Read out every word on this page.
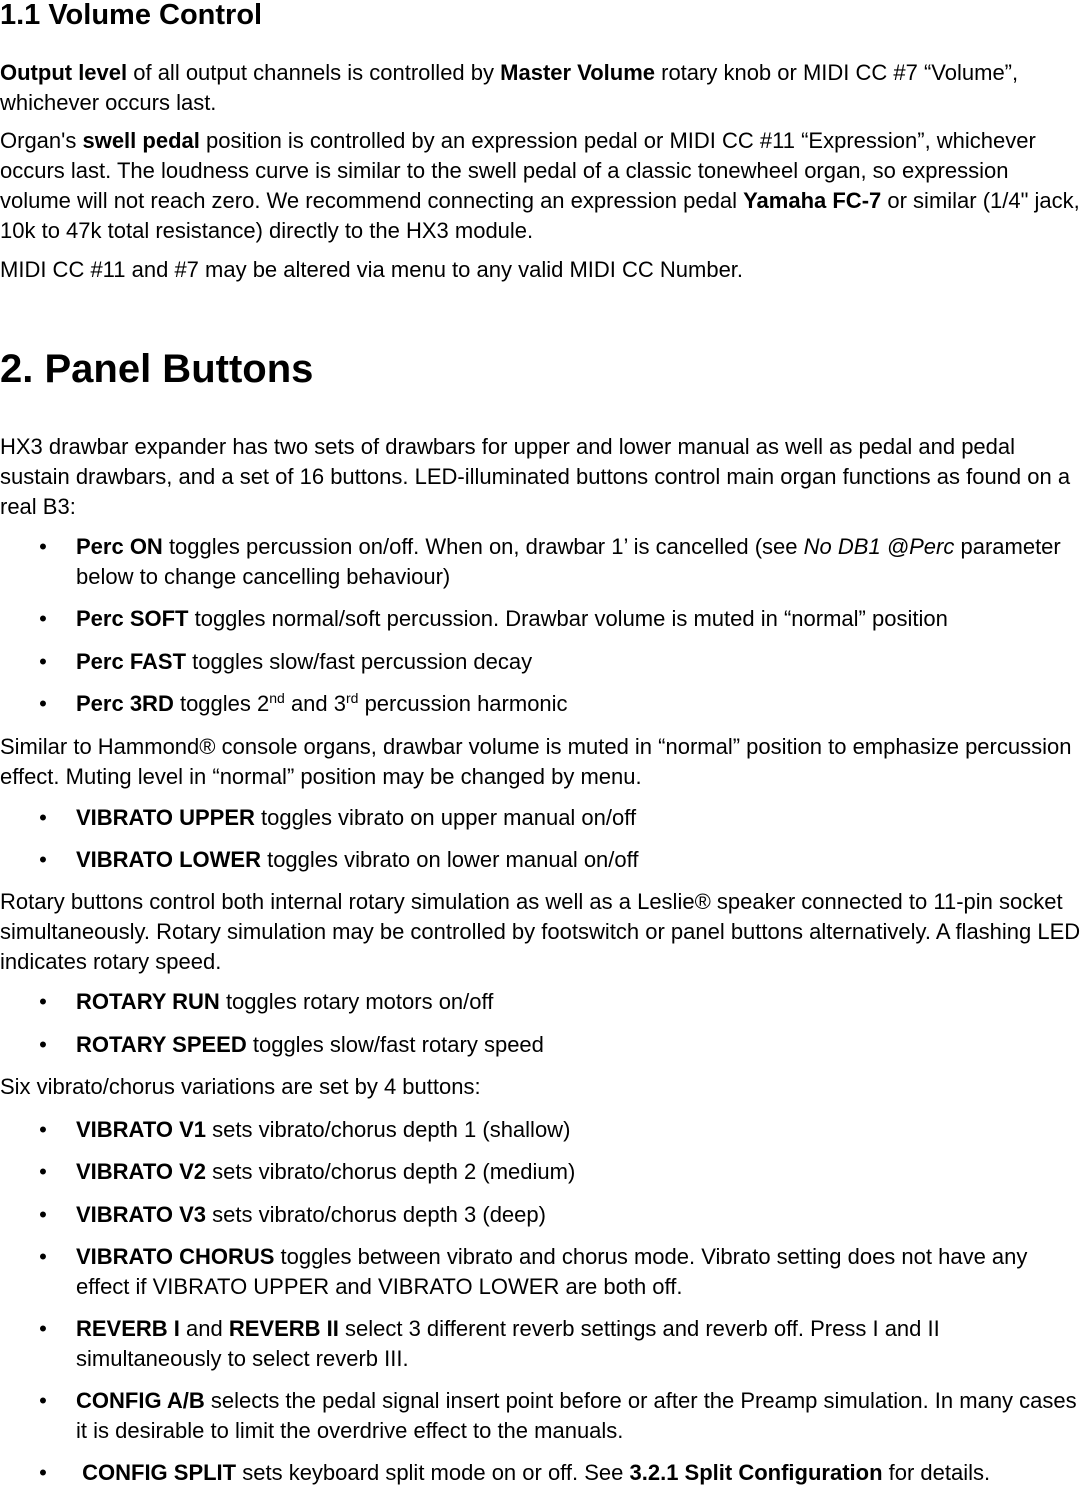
1.1 Volume Control

Output level of all output channels is controlled by Master Volume rotary knob or MIDI CC #7 “Volume”, whichever occurs last.

Organ's swell pedal position is controlled by an expression pedal or MIDI CC #11 “Expression”, whichever occurs last. The loudness curve is similar to the swell pedal of a classic tonewheel organ, so expression volume will not reach zero. We recommend connecting an expression pedal Yamaha FC-7 or similar (1/4" jack, 10k to 47k total resistance) directly to the HX3 module.

MIDI CC #11 and #7 may be altered via menu to any valid MIDI CC Number.

2. Panel Buttons

HX3 drawbar expander has two sets of drawbars for upper and lower manual as well as pedal and pedal sustain drawbars, and a set of 16 buttons. LED-illuminated buttons control main organ functions as found on a real B3:

• Perc ON toggles percussion on/off. When on, drawbar 1’ is cancelled (see No DB1 @Perc parameter below to change cancelling behaviour)
• Perc SOFT toggles normal/soft percussion. Drawbar volume is muted in “normal” position
• Perc FAST toggles slow/fast percussion decay
• Perc 3RD toggles 2nd and 3rd percussion harmonic

Similar to Hammond® console organs, drawbar volume is muted in “normal” position to emphasize percussion effect. Muting level in “normal” position may be changed by menu.

• VIBRATO UPPER toggles vibrato on upper manual on/off
• VIBRATO LOWER toggles vibrato on lower manual on/off

Rotary buttons control both internal rotary simulation as well as a Leslie® speaker connected to 11-pin socket simultaneously. Rotary simulation may be controlled by footswitch or panel buttons alternatively. A flashing LED indicates rotary speed.

• ROTARY RUN toggles rotary motors on/off
• ROTARY SPEED toggles slow/fast rotary speed

Six vibrato/chorus variations are set by 4 buttons:

• VIBRATO V1 sets vibrato/chorus depth 1 (shallow)
• VIBRATO V2 sets vibrato/chorus depth 2 (medium)
• VIBRATO V3 sets vibrato/chorus depth 3 (deep)
• VIBRATO CHORUS toggles between vibrato and chorus mode. Vibrato setting does not have any effect if VIBRATO UPPER and VIBRATO LOWER are both off.
• REVERB I and REVERB II select 3 different reverb settings and reverb off. Press I and II simultaneously to select reverb III.
• CONFIG A/B selects the pedal signal insert point before or after the Preamp simulation. In many cases it is desirable to limit the overdrive effect to the manuals.
• CONFIG SPLIT sets keyboard split mode on or off. See 3.2.1 Split Configuration for details.
